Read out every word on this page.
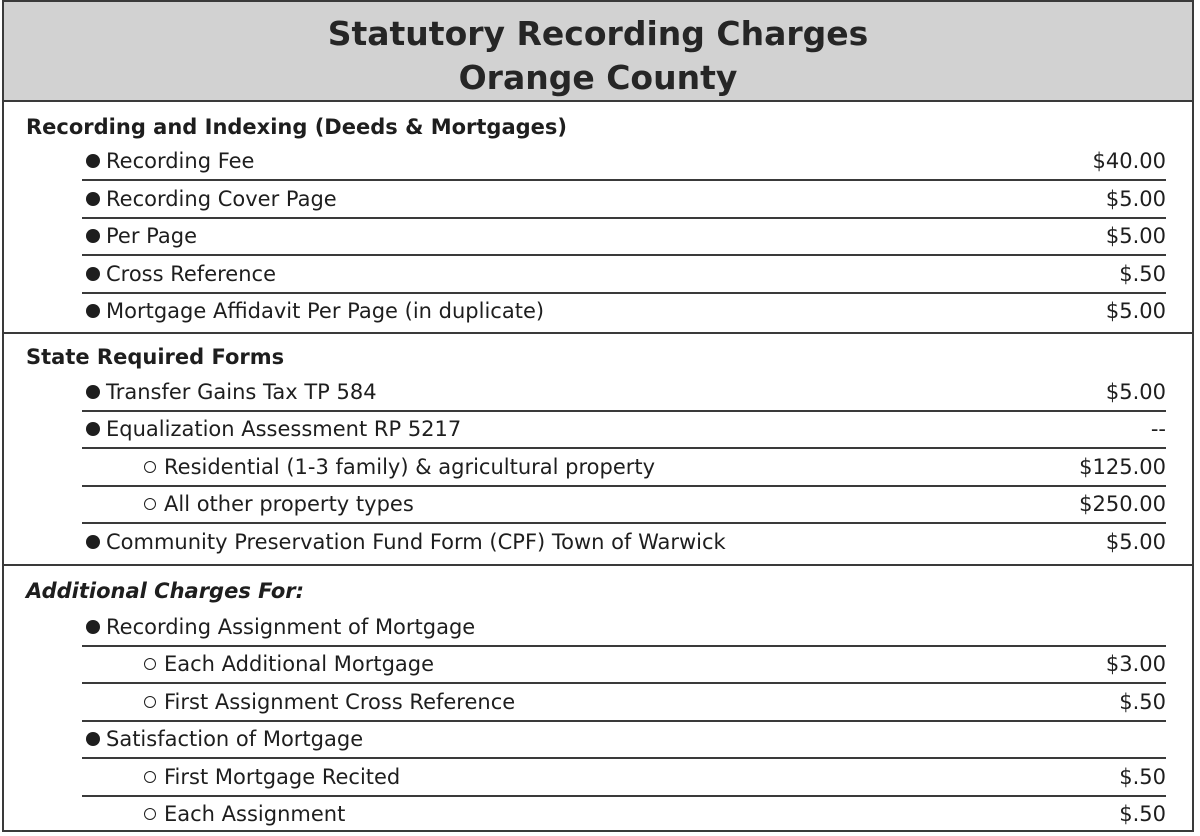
Statutory Recording Charges
Orange County
Recording and Indexing (Deeds & Mortgages)
Recording Fee	$40.00
Recording Cover Page	$5.00
Per Page	$5.00
Cross Reference	$.50
Mortgage Affidavit Per Page (in duplicate)	$5.00
State Required Forms
Transfer Gains Tax TP 584	$5.00
Equalization Assessment RP 5217	--
Residential (1-3 family) & agricultural property	$125.00
All other property types	$250.00
Community Preservation Fund Form (CPF) Town of Warwick	$5.00
Additional Charges For:
Recording Assignment of Mortgage
Each Additional Mortgage	$3.00
First Assignment Cross Reference	$.50
Satisfaction of Mortgage
First Mortgage Recited	$.50
Each Assignment	$.50
